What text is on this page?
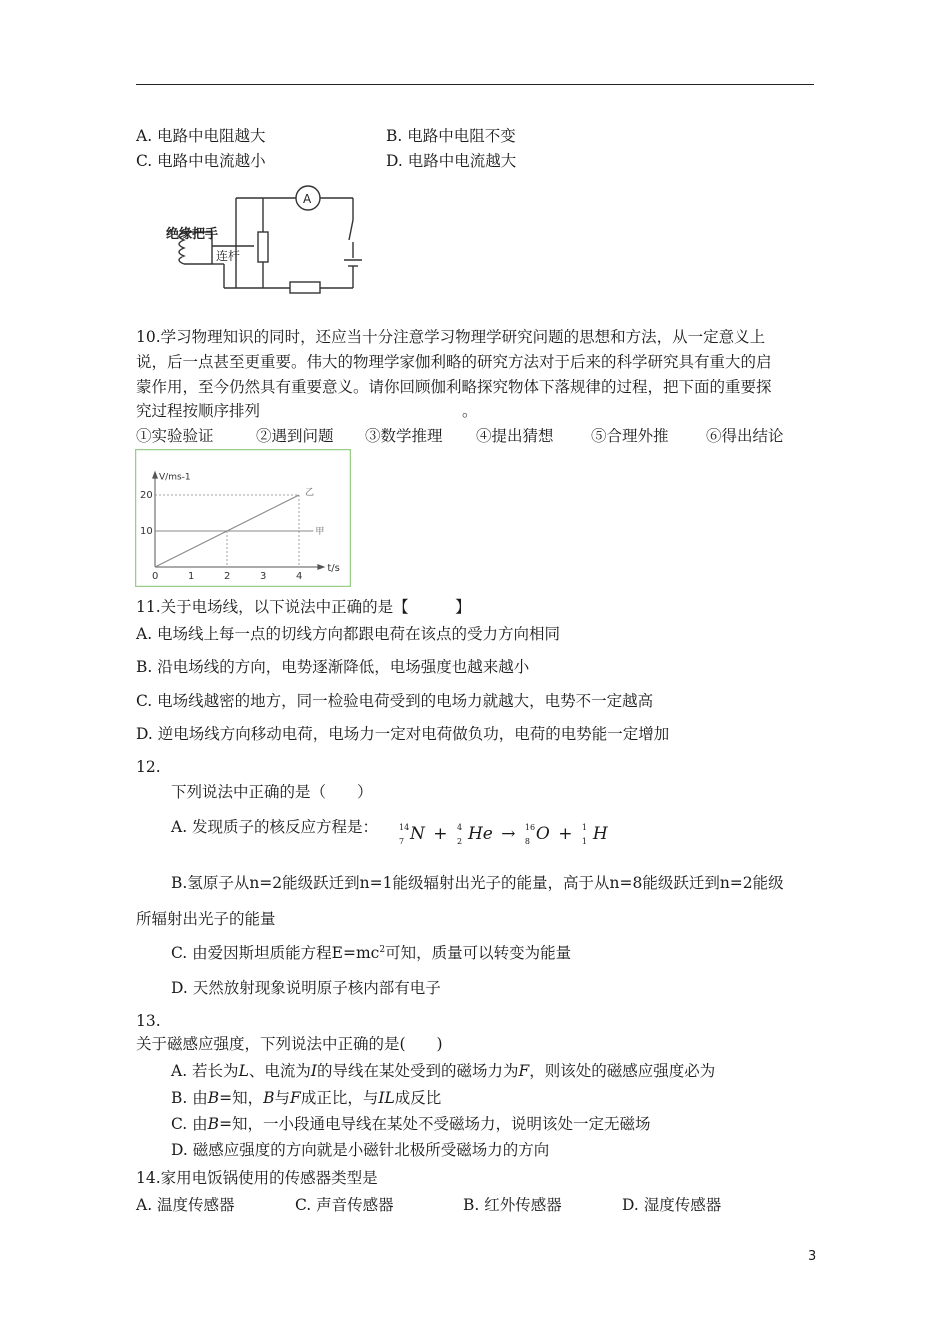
A. 电路中电阻越大	B. 电路中电阻不变
C. 电路中电流越小	D. 电路中电流越大
绝缘把手
连杆
A
10.学习物理知识的同时，还应当十分注意学习物理学研究问题的思想和方法，从一定意义上
说，后一点甚至更重要。伟大的物理学家伽利略的研究方法对于后来的科学研究具有重大的启
蒙作用，至今仍然具有重要意义。请你回顾伽利略探究物体下落规律的过程，把下面的重要探
究过程按顺序排列	。
①实验验证	②遇到问题 ③数学推理 ④提出猜想 ⑤合理外推 ⑥得出结论
V/ms-1
t/s
0	1	2	3	4
10
20	乙
甲
11.关于电场线，以下说法中正确的是【　　　】
A. 电场线上每一点的切线方向都跟电荷在该点的受力方向相同
B. 沿电场线的方向，电势逐渐降低，电场强度也越来越小
C. 电场线越密的地方，同一检验电荷受到的电场力就越大，电势不一定越高
D. 逆电场线方向移动电荷，电场力一定对电荷做负功，电荷的电势能一定增加
12.
下列说法中正确的是（　　）
A. 发现质子的核反应方程是：	14
7 N + 4
2 He → 16
8 O + 1
1 H
B.氢原子从n=2能级跃迁到n=1能级辐射出光子的能量，高于从n=8能级跃迁到n=2能级
所辐射出光子的能量
C. 由爱因斯坦质能方程$E=mc^2$可知，质量可以转变为能量
D. 天然放射现象说明原子核内部有电子
13.
关于磁感应强度，下列说法中正确的是(　　)
A. 若长为L、电流为I的导线在某处受到的磁场力为F，则该处的磁感应强度必为
B. 由B=知，B与F成正比，与IL成反比
C. 由B=知，一小段通电导线在某处不受磁场力，说明该处一定无磁场
D. 磁感应强度的方向就是小磁针北极所受磁场力的方向
14.家用电饭锅使用的传感器类型是
A. 温度传感器	C. 声音传感器	B. 红外传感器	D. 湿度传感器
3
